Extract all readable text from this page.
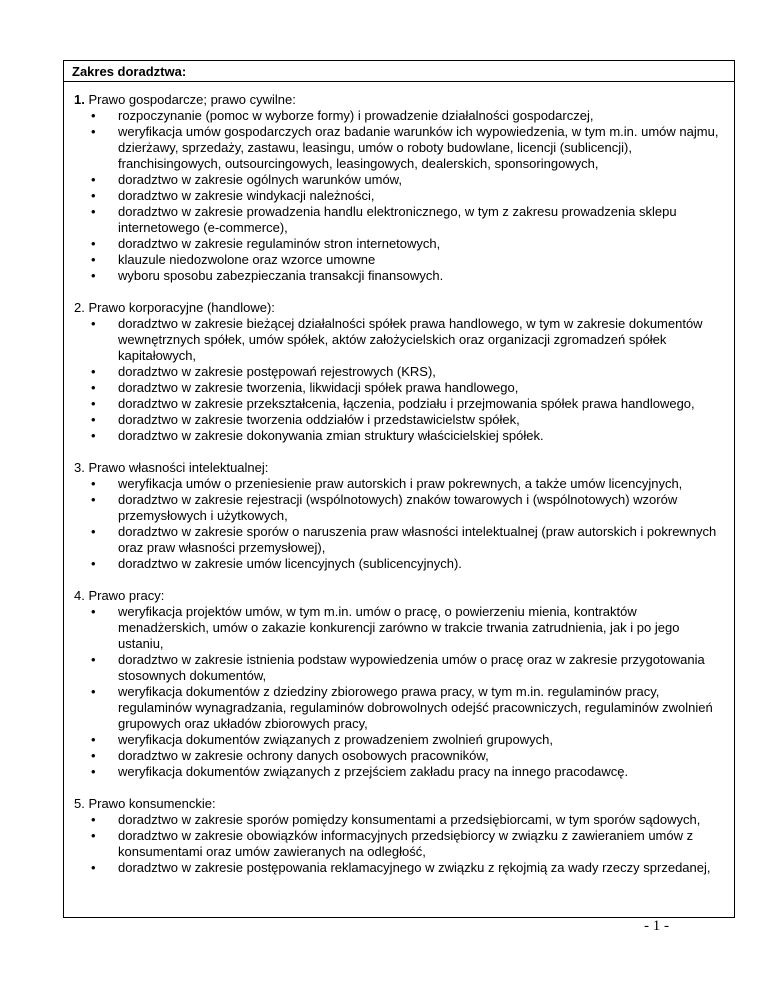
Zakres doradztwa:

1. Prawo gospodarcze; prawo cywilne:

• rozpoczynanie (pomoc w wyborze formy) i prowadzenie działalności gospodarczej,
• weryfikacja umów gospodarczych oraz badanie warunków ich wypowiedzenia, w tym m.in. umów najmu, dzierżawy, sprzedaży, zastawu, leasingu, umów o roboty budowlane, licencji (sublicencji), franchisingowych, outsourcingowych, leasingowych, dealerskich, sponsoringowych,
• doradztwo w zakresie ogólnych warunków umów,
• doradztwo w zakresie windykacji należności,
• doradztwo w zakresie prowadzenia handlu elektronicznego, w tym z zakresu prowadzenia sklepu internetowego (e-commerce),
• doradztwo w zakresie regulaminów stron internetowych,
• klauzule niedozwolone oraz wzorce umowne
• wyboru sposobu zabezpieczania transakcji finansowych.

2. Prawo korporacyjne (handlowe):

• doradztwo w zakresie bieżącej działalności spółek prawa handlowego, w tym w zakresie dokumentów wewnętrznych spółek, umów spółek, aktów założycielskich oraz organizacji zgromadzeń spółek kapitałowych,
• doradztwo w zakresie postępowań rejestrowych (KRS),
• doradztwo w zakresie tworzenia, likwidacji spółek prawa handlowego,
• doradztwo w zakresie przekształcenia, łączenia, podziału i przejmowania spółek prawa handlowego,
• doradztwo w zakresie tworzenia oddziałów i przedstawicielstw spółek,
• doradztwo w zakresie dokonywania zmian struktury właścicielskiej spółek.

3. Prawo własności intelektualnej:

• weryfikacja umów o przeniesienie praw autorskich i praw pokrewnych, a także umów licencyjnych,
• doradztwo w zakresie rejestracji (wspólnotowych) znaków towarowych i (wspólnotowych) wzorów przemysłowych i użytkowych,
• doradztwo w zakresie sporów o naruszenia praw własności intelektualnej (praw autorskich i pokrewnych oraz praw własności przemysłowej),
• doradztwo w zakresie umów licencyjnych (sublicencyjnych).

4. Prawo pracy:

• weryfikacja projektów umów, w tym m.in. umów o pracę, o powierzeniu mienia, kontraktów menadżerskich, umów o zakazie konkurencji zarówno w trakcie trwania zatrudnienia, jak i po jego ustaniu,
• doradztwo w zakresie istnienia podstaw wypowiedzenia umów o pracę oraz w zakresie przygotowania stosownych dokumentów,
• weryfikacja dokumentów z dziedziny zbiorowego prawa pracy, w tym m.in. regulaminów pracy, regulaminów wynagradzania, regulaminów dobrowolnych odejść pracowniczych, regulaminów zwolnień grupowych oraz układów zbiorowych pracy,
• weryfikacja dokumentów związanych z prowadzeniem zwolnień grupowych,
• doradztwo w zakresie ochrony danych osobowych pracowników,
• weryfikacja dokumentów związanych z przejściem zakładu pracy na innego pracodawcę.

5. Prawo konsumenckie:

• doradztwo w zakresie sporów pomiędzy konsumentami a przedsiębiorcami, w tym sporów sądowych,
• doradztwo w zakresie obowiązków informacyjnych przedsiębiorcy w związku z zawieraniem umów z konsumentami oraz umów zawieranych na odległość,
• doradztwo w zakresie postępowania reklamacyjnego w związku z rękojmią za wady rzeczy sprzedanej,
- 1 -
